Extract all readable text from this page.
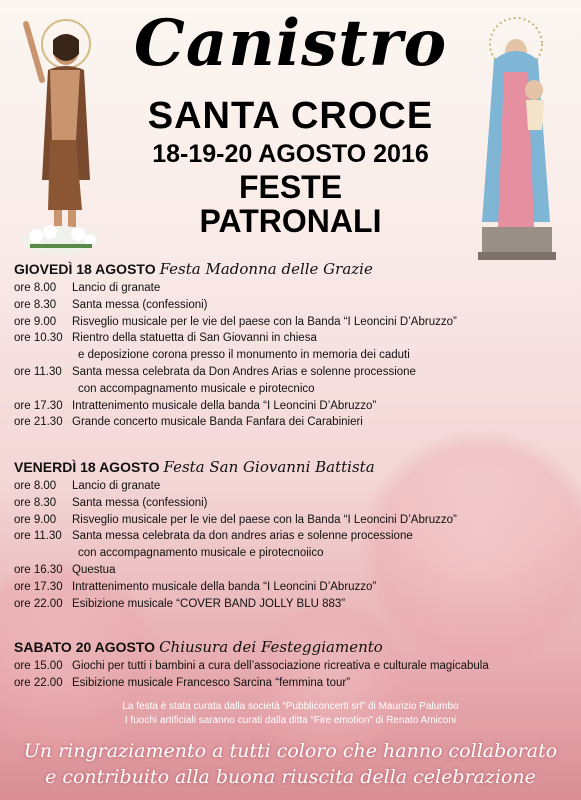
Canistro
SANTA CROCE
18-19-20 AGOSTO 2016
FESTE
PATRONALI
GIOVEDÌ 18 AGOSTO Festa Madonna delle Grazie
ore 8.00	Lancio di granate
ore 8.30	Santa messa (confessioni)
ore 9.00	Risveglio musicale per le vie del paese con la Banda “I Leoncini D’Abruzzo”
ore 10.30 Rientro della statuetta di San Giovanni in chiesa
e deposizione corona presso il monumento in memoria dei caduti
ore 11.30 Santa messa celebrata da Don Andres Arias e solenne processione
con accompagnamento musicale e pirotecnico
ore 17.30 Intrattenimento musicale della banda “I Leoncini D’Abruzzo”
ore 21.30 Grande concerto musicale Banda Fanfara dei Carabinieri
VENERDÌ 18 AGOSTO Festa San Giovanni Battista
ore 8.00	Lancio di granate
ore 8.30	Santa messa (confessioni)
ore 9.00	Risveglio musicale per le vie del paese con la Banda “I Leoncini D’Abruzzo”
ore 11.30 Santa messa celebrata da don andres arias e solenne processione
con accompagnamento musicale e pirotecnoiico
ore 16.30 Questua
ore 17.30 Intrattenimento musicale della banda “I Leoncini D’Abruzzo”
ore 22.00 Esibizione musicale “COVER BAND JOLLY BLU 883”
SABATO 20 AGOSTO Chiusura dei Festeggiamento
ore 15.00 Giochi per tutti i bambini a cura dell’associazione ricreativa e culturale magicabula
ore 22.00 Esibizione musicale Francesco Sarcina “femmina tour”
La festa è stata curata dalla società “Pubbliconcerti srl” di Maurizio Palumbo
I fuochi artificiali saranno curati dalla ditta “Fire emotion” di Renato Amiconi
Un ringraziamento a tutti coloro che hanno collaborato
e contribuito alla buona riuscita della celebrazione
